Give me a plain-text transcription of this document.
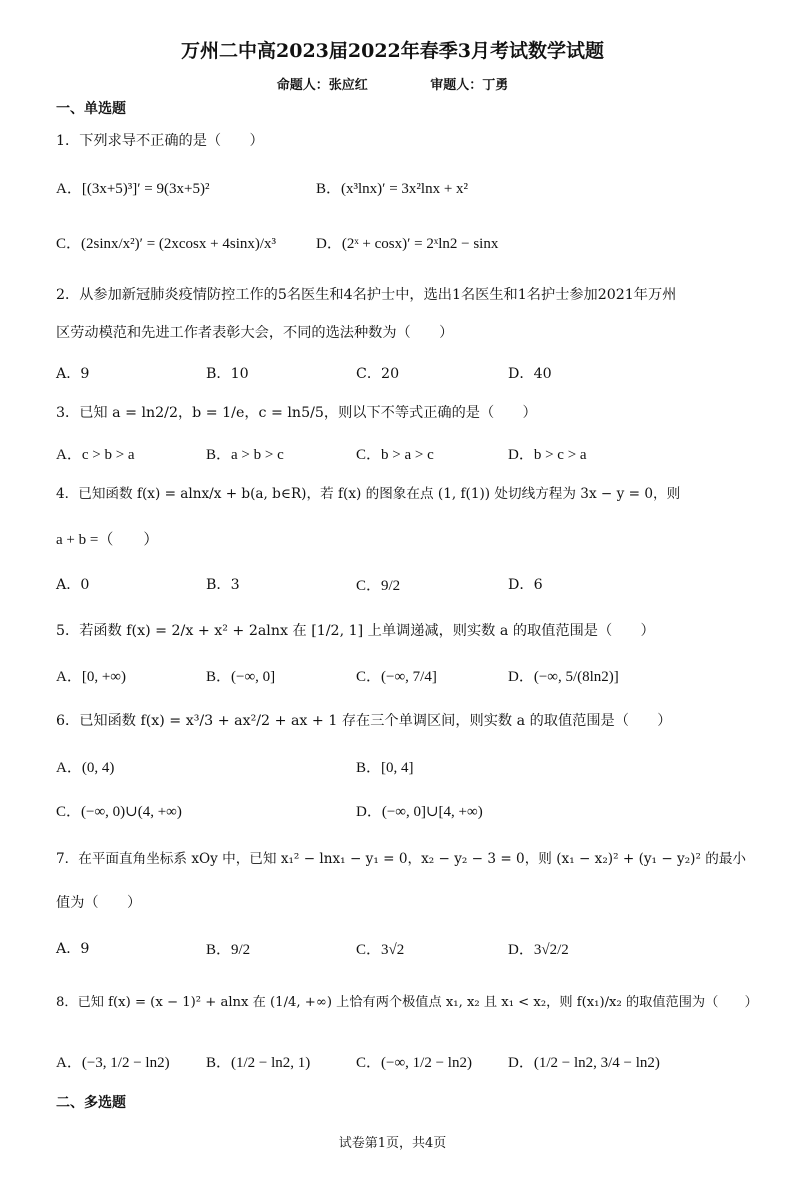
万州二中高2023届2022年春季3月考试数学试题
命题人：张应红	审题人：丁勇
一、单选题
1．下列求导不正确的是（　　）
A．[(3x+5)³]′ = 9(3x+5)²	B．(x³lnx)′ = 3x²lnx + x²
C．(2sinx/x²)′ = (2xcosx + 4sinx)/x³	D．(2ˣ + cosx)′ = 2ˣln2 − sinx
2．从参加新冠肺炎疫情防控工作的5名医生和4名护士中，选出1名医生和1名护士参加2021年万州
区劳动模范和先进工作者表彰大会，不同的选法种数为（　　）
A．9	B．10	C．20	D．40
3．已知 a = ln2/2，b = 1/e，c = ln5/5，则以下不等式正确的是（　　）
A．c > b > a	B．a > b > c	C．b > a > c	D．b > c > a
4．已知函数 f(x) = alnx/x + b(a, b∈R)，若 f(x) 的图象在点 (1, f(1)) 处切线方程为 3x − y = 0，则
a + b =（　　）
A．0	B．3	C．9/2	D．6
5．若函数 f(x) = 2/x + x² + 2alnx 在 [1/2, 1] 上单调递减，则实数 a 的取值范围是（　　）
A．[0, +∞)	B．(−∞, 0]	C．(−∞, 7/4]	D．(−∞, 5/(8ln2)]
6．已知函数 f(x) = x³/3 + ax²/2 + ax + 1 存在三个单调区间，则实数 a 的取值范围是（　　）
A．(0, 4)	B．[0, 4]
C．(−∞, 0)∪(4, +∞)	D．(−∞, 0]∪[4, +∞)
7．在平面直角坐标系 xOy 中，已知 x₁² − lnx₁ − y₁ = 0，x₂ − y₂ − 3 = 0，则 (x₁ − x₂)² + (y₁ − y₂)² 的最小
值为（　　）
A．9	B．9/2	C．3√2	D．3√2/2
8．已知 f(x) = (x − 1)² + alnx 在 (1/4, +∞) 上恰有两个极值点 x₁, x₂ 且 x₁ < x₂，则 f(x₁)/x₂ 的取值范围为（　　）
A．(−3, 1/2 − ln2) B．(1/2 − ln2, 1)	C．(−∞, 1/2 − ln2) D．(1/2 − ln2, 3/4 − ln2)
二、多选题
试卷第1页，共4页
